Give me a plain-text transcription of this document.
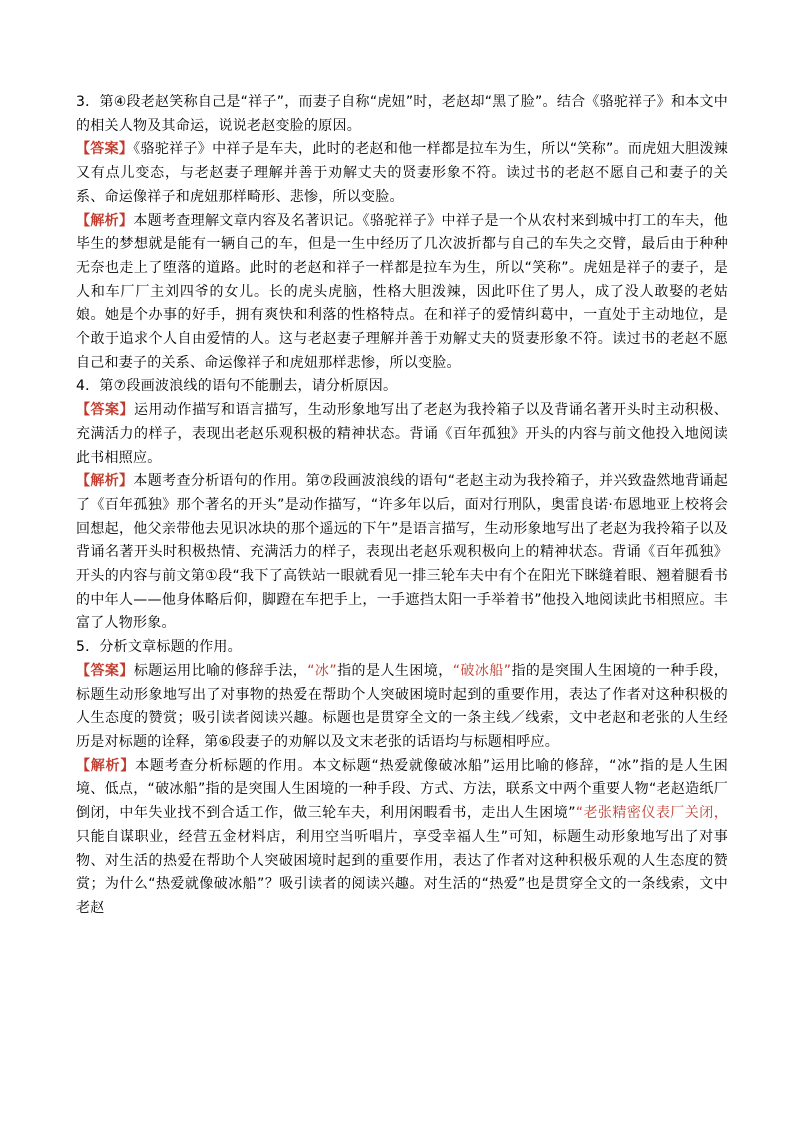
3．第④段老赵笑称自己是“祥子”，而妻子自称“虎妞”时，老赵却“黑了脸”。结合《骆驼祥子》和本文中的相关人物及其命运，说说老赵变脸的原因。

【答案】《骆驼祥子》中祥子是车夫，此时的老赵和他一样都是拉车为生，所以“笑称”。而虎妞大胆泼辣又有点儿变态，与老赵妻子理解并善于劝解丈夫的贤妻形象不符。读过书的老赵不愿自己和妻子的关系、命运像祥子和虎妞那样畸形、悲惨，所以变脸。

【解析】本题考查理解文章内容及名著识记。《骆驼祥子》中祥子是一个从农村来到城中打工的车夫，他毕生的梦想就是能有一辆自己的车，但是一生中经历了几次波折都与自己的车失之交臂，最后由于种种无奈也走上了堕落的道路。此时的老赵和祥子一样都是拉车为生，所以“笑称”。虎妞是祥子的妻子，是人和车厂厂主刘四爷的女儿。长的虎头虎脑，性格大胆泼辣，因此吓住了男人，成了没人敢娶的老姑娘。她是个办事的好手，拥有爽快和利落的性格特点。在和祥子的爱情纠葛中，一直处于主动地位，是个敢于追求个人自由爱情的人。这与老赵妻子理解并善于劝解丈夫的贤妻形象不符。读过书的老赵不愿自己和妻子的关系、命运像祥子和虎妞那样悲惨，所以变脸。

4．第⑦段画波浪线的语句不能删去，请分析原因。

【答案】运用动作描写和语言描写，生动形象地写出了老赵为我拎箱子以及背诵名著开头时主动积极、充满活力的样子，表现出老赵乐观积极的精神状态。背诵《百年孤独》开头的内容与前文他投入地阅读此书相照应。

【解析】本题考查分析语句的作用。第⑦段画波浪线的语句“老赵主动为我拎箱子，并兴致盎然地背诵起了《百年孤独》那个著名的开头”是动作描写，“许多年以后，面对行刑队，奥雷良诺·布恩地亚上校将会回想起，他父亲带他去见识冰块的那个遥远的下午”是语言描写，生动形象地写出了老赵为我拎箱子以及背诵名著开头时积极热情、充满活力的样子，表现出老赵乐观积极向上的精神状态。背诵《百年孤独》开头的内容与前文第①段“我下了高铁站一眼就看见一排三轮车夫中有个在阳光下眯缝着眼、翘着腿看书的中年人——他身体略后仰，脚蹬在车把手上，一手遮挡太阳一手举着书”他投入地阅读此书相照应。丰富了人物形象。

5．分析文章标题的作用。

【答案】标题运用比喻的修辞手法，“冰”指的是人生困境，“破冰船”指的是突围人生困境的一种手段，标题生动形象地写出了对事物的热爱在帮助个人突破困境时起到的重要作用，表达了作者对这种积极的人生态度的赞赏；吸引读者阅读兴趣。标题也是贯穿全文的一条主线／线索，文中老赵和老张的人生经历是对标题的诠释，第⑥段妻子的劝解以及文末老张的话语均与标题相呼应。

【解析】本题考查分析标题的作用。本文标题“热爱就像破冰船”运用比喻的修辞，“冰”指的是人生困境、低点，“破冰船”指的是突围人生困境的一种手段、方式、方法，联系文中两个重要人物“老赵造纸厂倒闭，中年失业找不到合适工作，做三轮车夫，利用闲暇看书，走出人生困境”“老张精密仪表厂关闭，只能自谋职业，经营五金材料店，利用空当听唱片，享受幸福人生”可知，标题生动形象地写出了对事物、对生活的热爱在帮助个人突破困境时起到的重要作用，表达了作者对这种积极乐观的人生态度的赞赏；为什么“热爱就像破冰船”？吸引读者的阅读兴趣。对生活的“热爱”也是贯穿全文的一条线索，文中老赵
